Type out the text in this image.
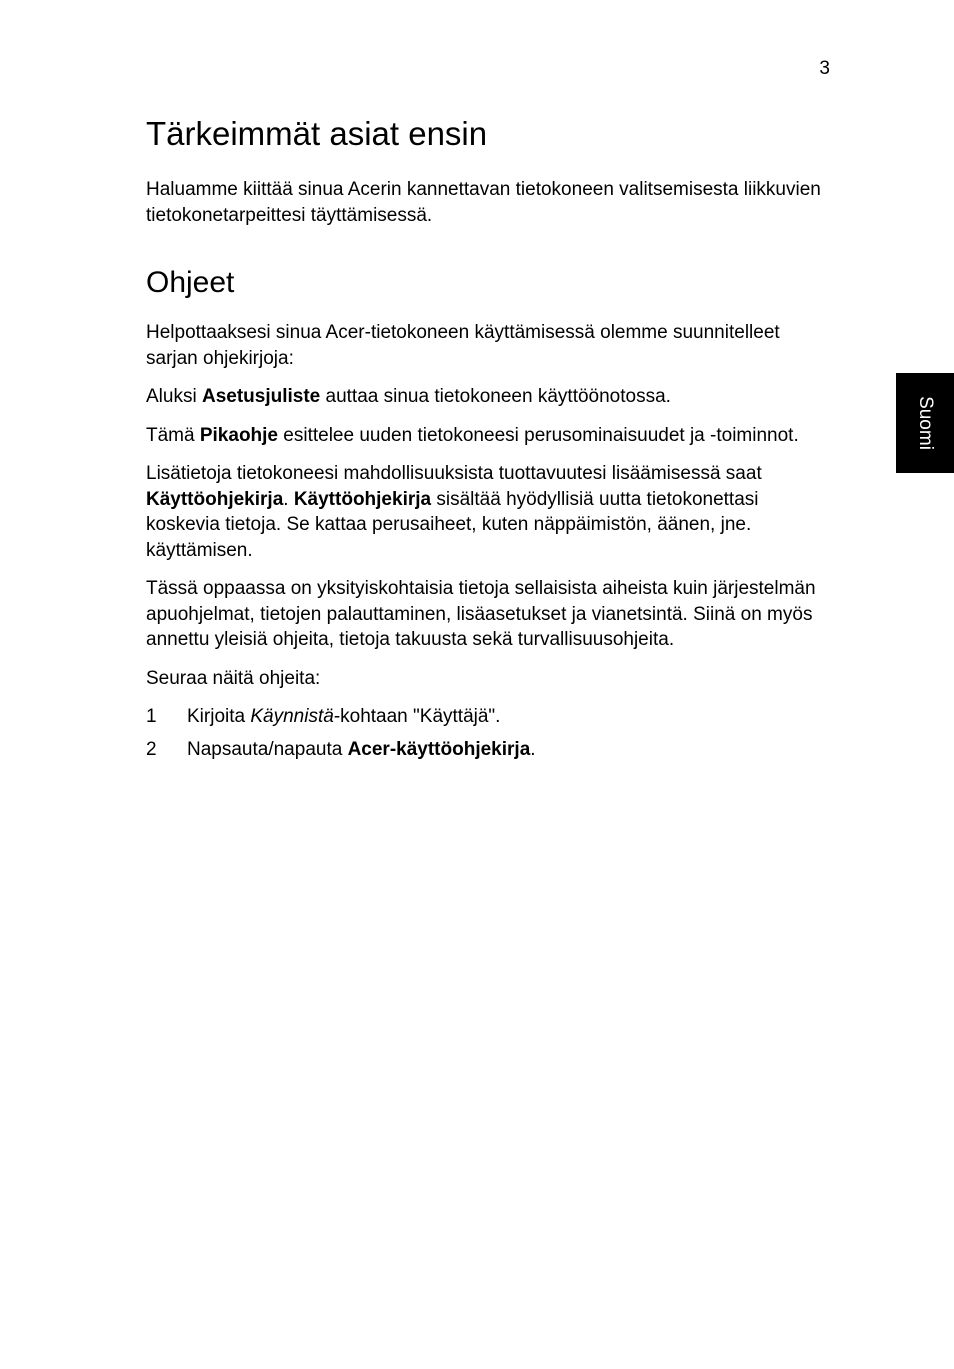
3
Suomi
Tärkeimmät asiat ensin

Haluamme kiittää sinua Acerin kannettavan tietokoneen valitsemisesta liikkuvien tietokonetarpeittesi täyttämisessä.

Ohjeet

Helpottaaksesi sinua Acer-tietokoneen käyttämisessä olemme suunnitelleet sarjan ohjekirjoja:

Aluksi Asetusjuliste auttaa sinua tietokoneen käyttöönotossa.

Tämä Pikaohje esittelee uuden tietokoneesi perusominaisuudet ja -toiminnot.

Lisätietoja tietokoneesi mahdollisuuksista tuottavuutesi lisäämisessä saat Käyttöohjekirja. Käyttöohjekirja sisältää hyödyllisiä uutta tietokonettasi koskevia tietoja. Se kattaa perusaiheet, kuten näppäimistön, äänen, jne. käyttämisen.

Tässä oppaassa on yksityiskohtaisia tietoja sellaisista aiheista kuin järjestelmän apuohjelmat, tietojen palauttaminen, lisäasetukset ja vianetsintä. Siinä on myös annettu yleisiä ohjeita, tietoja takuusta sekä turvallisuusohjeita.

Seuraa näitä ohjeita:

1	Kirjoita Käynnistä-kohtaan "Käyttäjä".
2	Napsauta/napauta Acer-käyttöohjekirja.
